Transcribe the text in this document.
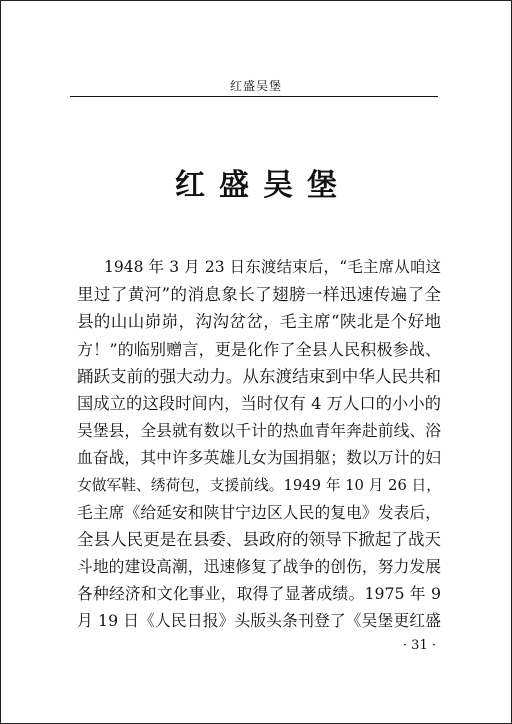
红盛吴堡
红盛吴堡
1948 年 3 月 23 日东渡结束后，“毛主席从咱这
里过了黄河”的消息象长了翅膀一样迅速传遍了全
县的山山峁峁，沟沟岔岔，毛主席“陕北是个好地
方！”的临别赠言，更是化作了全县人民积极参战、
踊跃支前的强大动力。从东渡结束到中华人民共和
国成立的这段时间内，当时仅有 4 万人口的小小的
吴堡县，全县就有数以千计的热血青年奔赴前线、浴
血奋战，其中许多英雄儿女为国捐躯；数以万计的妇
女做军鞋、绣荷包，支援前线。1949 年 10 月 26 日，
毛主席《给延安和陕甘宁边区人民的复电》发表后，
全县人民更是在县委、县政府的领导下掀起了战天
斗地的建设高潮，迅速修复了战争的创伤，努力发展
各种经济和文化事业，取得了显著成绩。1975 年 9
月 19 日《人民日报》头版头条刊登了《吴堡更红盛
· 31 ·
